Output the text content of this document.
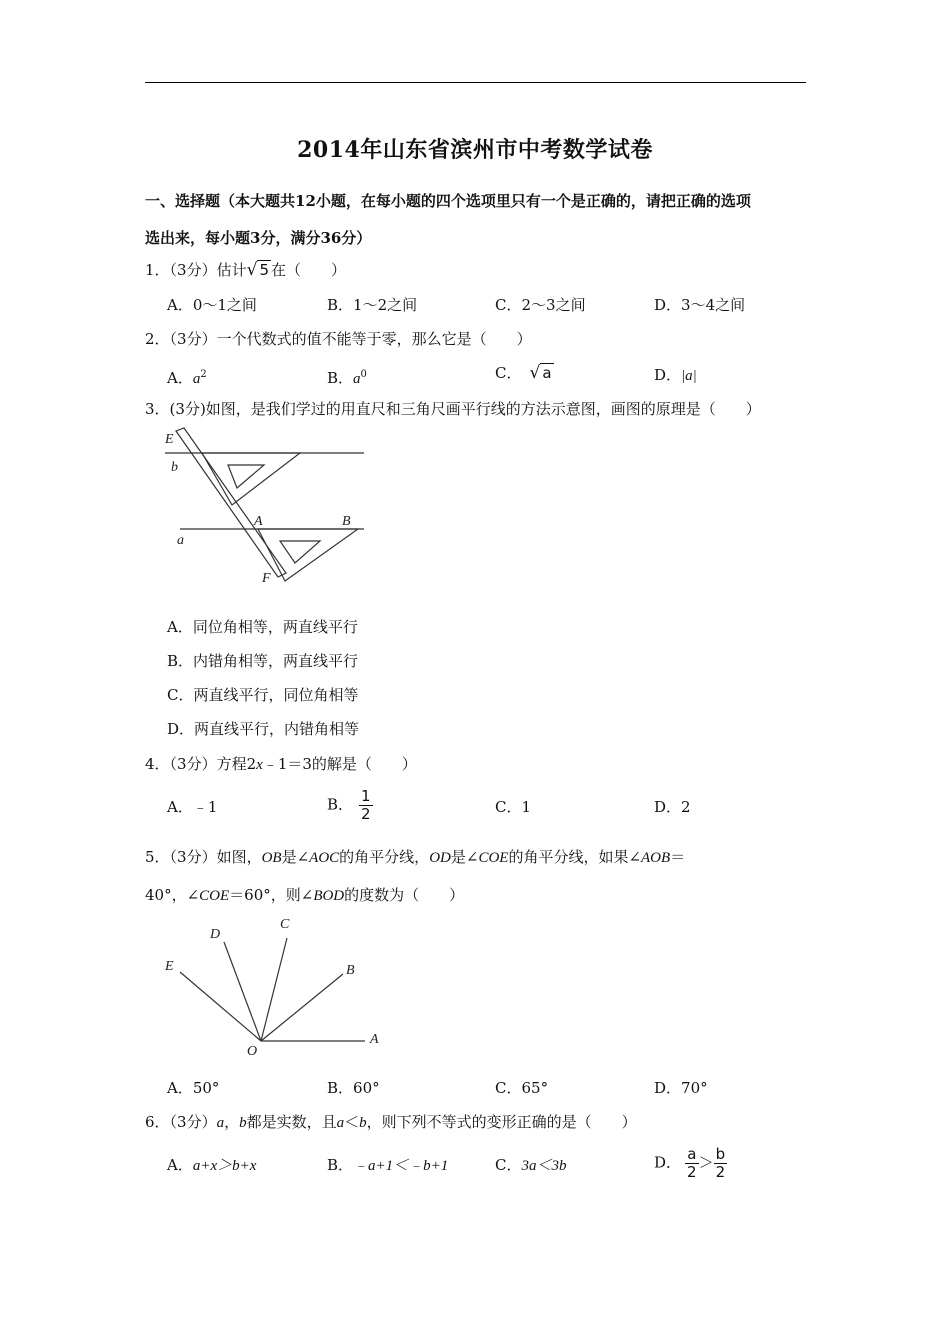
2014年山东省滨州市中考数学试卷
一、选择题（本大题共12小题，在每小题的四个选项里只有一个是正确的，请把正确的选项
选出来，每小题3分，满分36分）
1．（3分）估计√ 5 在（　　）
A．0～1之间	B．1～2之间	C．2～3之间	D．3～4之间
2．（3分）一个代数式的值不能等于零，那么它是（　　）
A．$a^2$	B．$a^0$	C． √ a	D．|a|
3．(3分)如图，是我们学过的用直尺和三角尺画平行线的方法示意图，画图的原理是（　　）
E
b
A	B
a
F
A．同位角相等，两直线平行
B．内错角相等，两直线平行
C．两直线平行，同位角相等
D．两直线平行，内错角相等
4．（3分）方程2x﹣1＝3的解是（　　）
A．﹣1	B． $\frac{1}{2}$	C．1	D．2
5．（3分）如图，OB是∠AOC的角平分线，OD是∠COE的角平分线，如果∠AOB＝
40°，∠COE＝60°，则∠BOD的度数为（　　）
E
D
C
B
O
A
A．50°	B．60°	C．65°	D．70°
6．（3分）a，b都是实数，且a＜b，则下列不等式的变形正确的是（　　）
A．a+x＞b+x	B．﹣a+1＜﹣b+1	C．3a＜3b	D． $\frac{a}{2} > \frac{b}{2}$
